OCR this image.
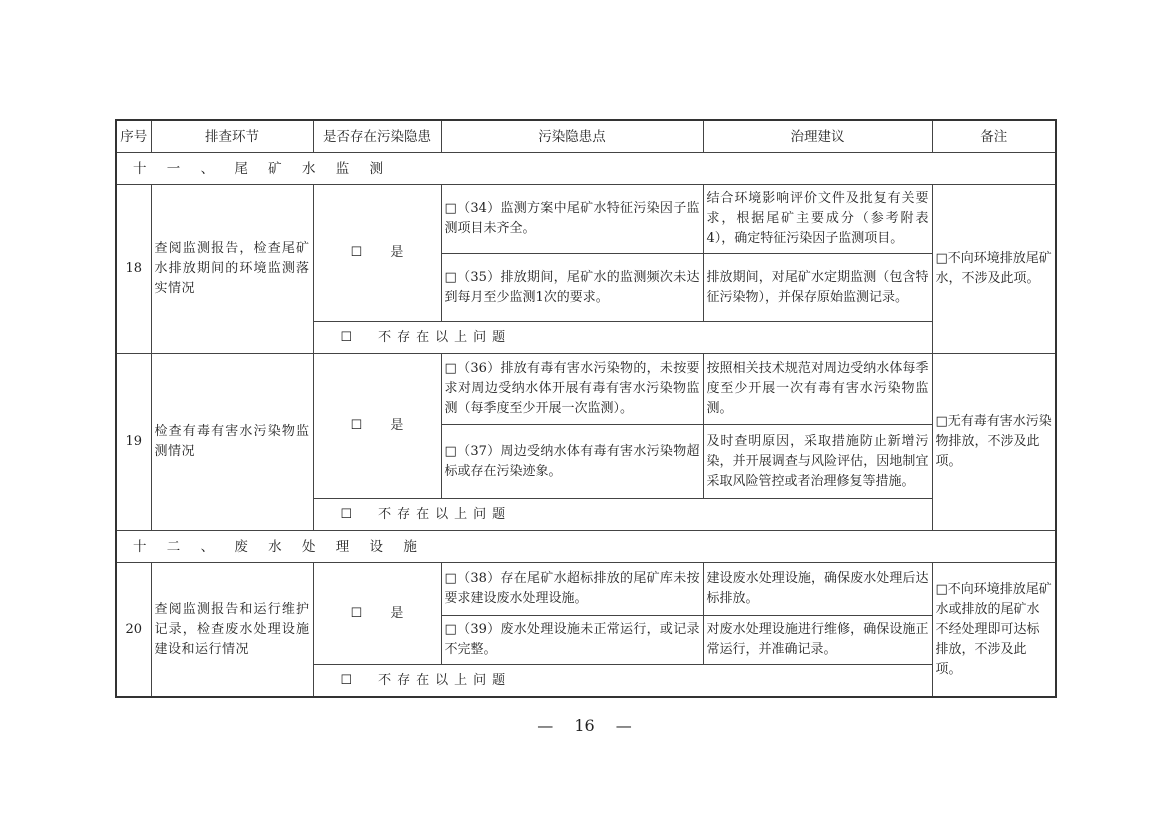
序号	排查环节	是否存在污染隐患	污染隐患点	治理建议	备注
十 一 、 尾 矿 水 监 测					
18	查阅监测报告，检查尾矿水排放期间的环境监测落实情况	☐ 是	□（34）监测方案中尾矿水特征污染因子监测项目未齐全。	结合环境影响评价文件及批复有关要求，根据尾矿主要成分（参考附表4），确定特征污染因子监测项目。	□不向环境排放尾矿水，不涉及此项。
			□（35）排放期间，尾矿水的监测频次未达到每月至少监测1次的要求。	排放期间，对尾矿水定期监测（包含特征污染物），并保存原始监测记录。	
		☐ 不存在以上问题			
19	检查有毒有害水污染物监测情况	☐ 是	□（36）排放有毒有害水污染物的，未按要求对周边受纳水体开展有毒有害水污染物监测（每季度至少开展一次监测）。	按照相关技术规范对周边受纳水体每季度至少开展一次有毒有害水污染物监测。	□无有毒有害水污染物排放，不涉及此项。
			□（37）周边受纳水体有毒有害水污染物超标或存在污染迹象。	及时查明原因，采取措施防止新增污染，并开展调查与风险评估，因地制宜采取风险管控或者治理修复等措施。	
		☐ 不存在以上问题			
十 二 、 废 水 处 理 设 施					
20	查阅监测报告和运行维护记录，检查废水处理设施建设和运行情况	☐ 是	□（38）存在尾矿水超标排放的尾矿库未按要求建设废水处理设施。	建设废水处理设施，确保废水处理后达标排放。	□不向环境排放尾矿水或排放的尾矿水不经处理即可达标排放，不涉及此项。
			□（39）废水处理设施未正常运行，或记录不完整。	对废水处理设施进行维修，确保设施正常运行，并准确记录。	
		☐ 不存在以上问题			
— 16 —
